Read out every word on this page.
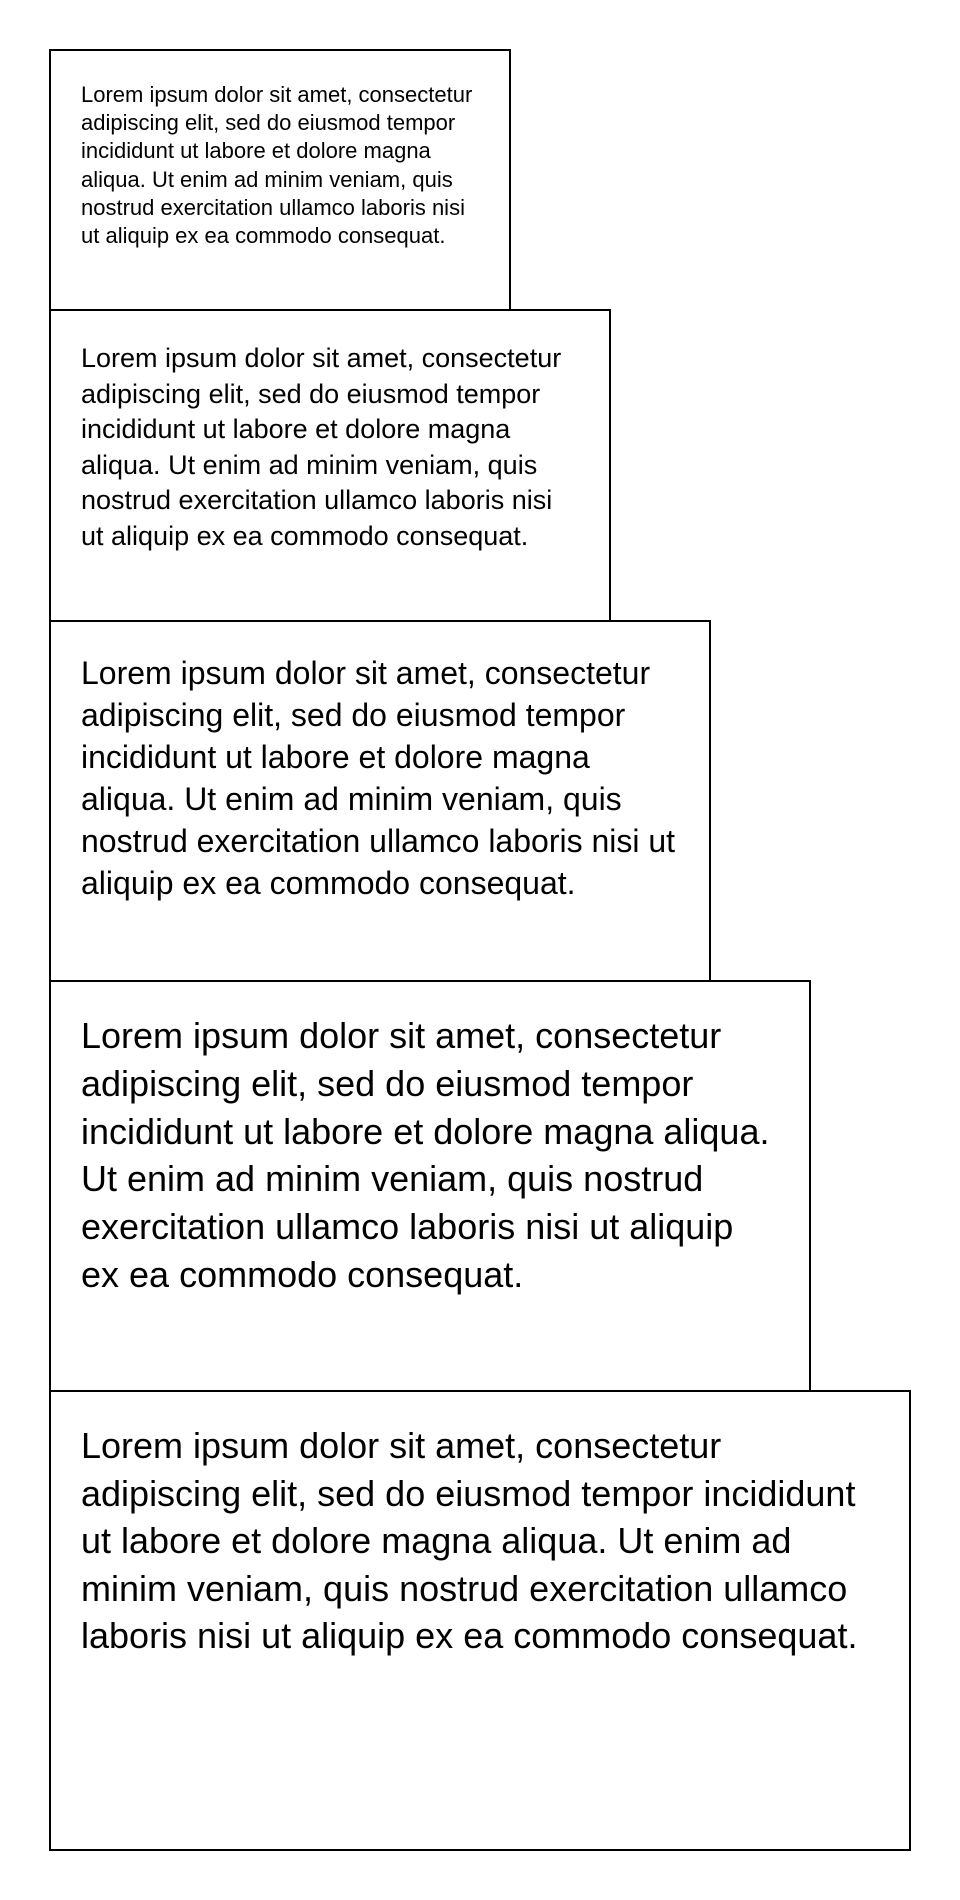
Lorem ipsum dolor sit amet, consectetur adipiscing elit, sed do eiusmod tempor incididunt ut labore et dolore magna aliqua. Ut enim ad minim veniam, quis nostrud exercitation ullamco laboris nisi ut aliquip ex ea commodo consequat.

Lorem ipsum dolor sit amet, consectetur adipiscing elit, sed do eiusmod tempor incididunt ut labore et dolore magna aliqua. Ut enim ad minim veniam, quis nostrud exercitation ullamco laboris nisi ut aliquip ex ea commodo consequat.

Lorem ipsum dolor sit amet, consectetur adipiscing elit, sed do eiusmod tempor incididunt ut labore et dolore magna aliqua. Ut enim ad minim veniam, quis nostrud exercitation ullamco laboris nisi ut aliquip ex ea commodo consequat.

Lorem ipsum dolor sit amet, consectetur adipiscing elit, sed do eiusmod tempor incididunt ut labore et dolore magna aliqua. Ut enim ad minim veniam, quis nostrud exercitation ullamco laboris nisi ut aliquip ex ea commodo consequat.

Lorem ipsum dolor sit amet, consectetur adipiscing elit, sed do eiusmod tempor incididunt ut labore et dolore magna aliqua. Ut enim ad minim veniam, quis nostrud exercitation ullamco laboris nisi ut aliquip ex ea commodo consequat.
